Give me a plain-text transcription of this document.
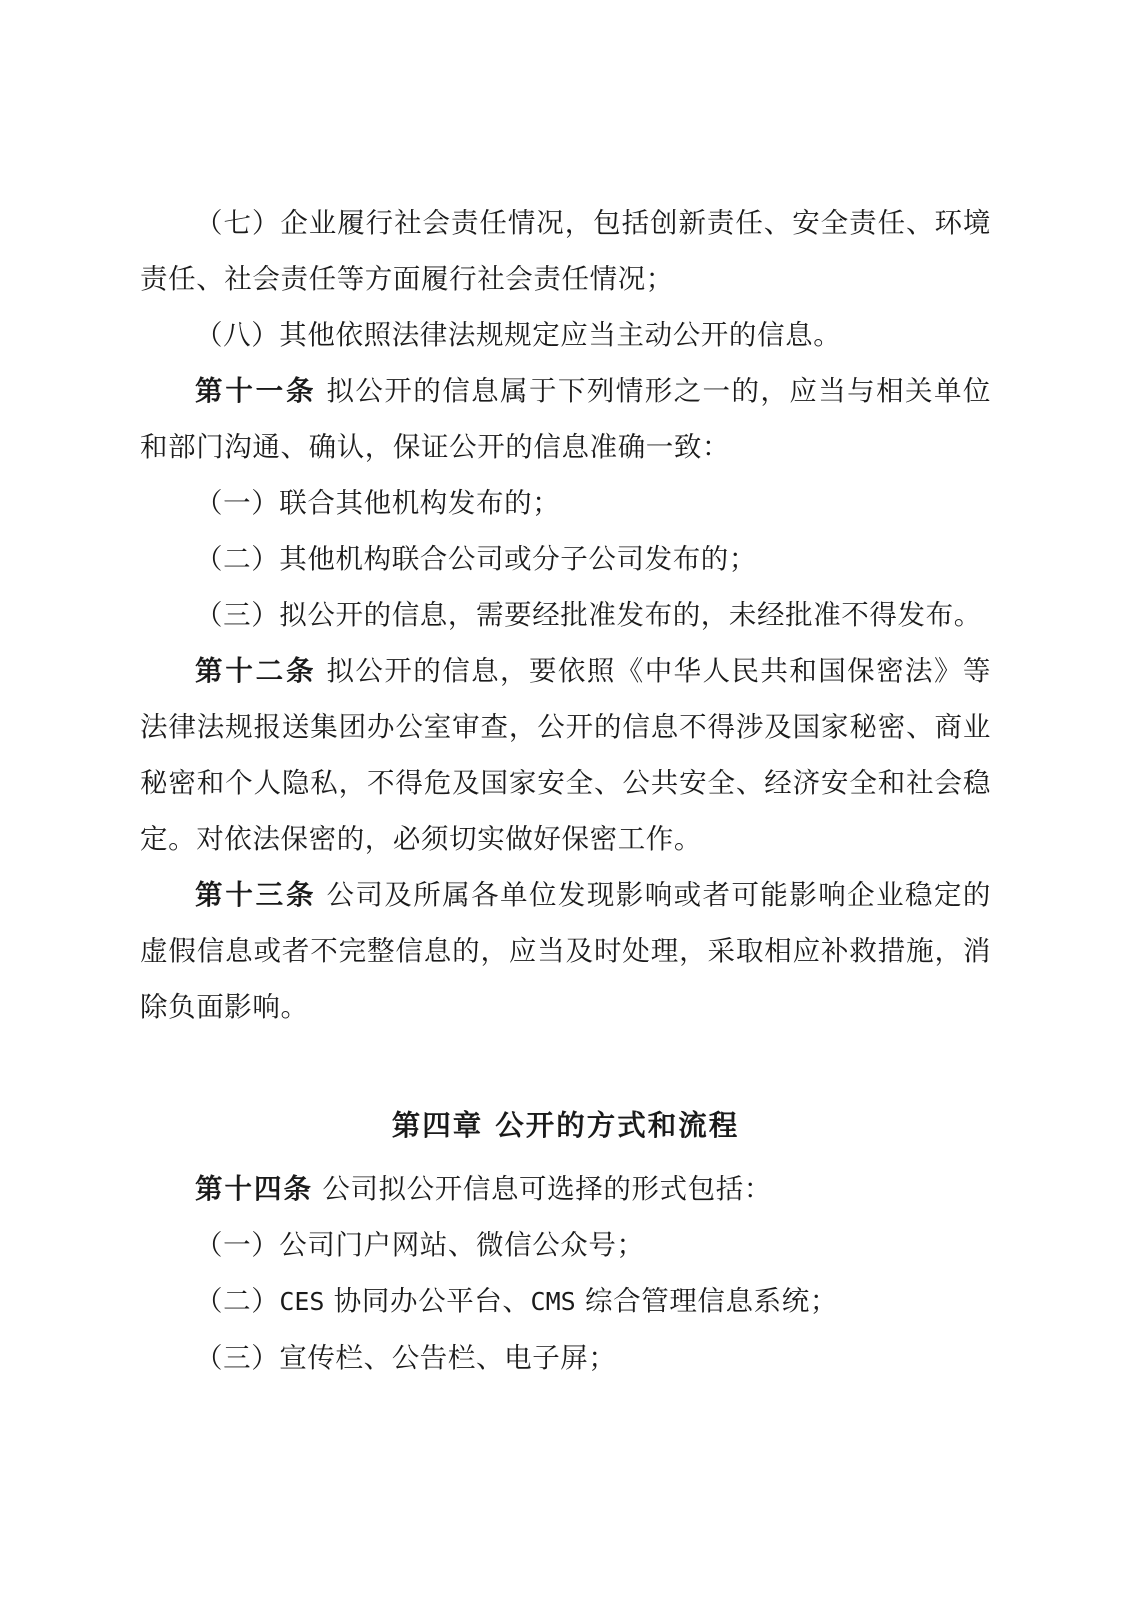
（七）企业履行社会责任情况，包括创新责任、安全责任、环境责任、社会责任等方面履行社会责任情况；

（八）其他依照法律法规规定应当主动公开的信息。

第十一条 拟公开的信息属于下列情形之一的，应当与相关单位和部门沟通、确认，保证公开的信息准确一致：

（一）联合其他机构发布的；

（二）其他机构联合公司或分子公司发布的；

（三）拟公开的信息，需要经批准发布的，未经批准不得发布。

第十二条 拟公开的信息，要依照《中华人民共和国保密法》等法律法规报送集团办公室审查，公开的信息不得涉及国家秘密、商业秘密和个人隐私，不得危及国家安全、公共安全、经济安全和社会稳定。对依法保密的，必须切实做好保密工作。

第十三条 公司及所属各单位发现影响或者可能影响企业稳定的虚假信息或者不完整信息的，应当及时处理，采取相应补救措施，消除负面影响。

第四章 公开的方式和流程

第十四条 公司拟公开信息可选择的形式包括：

（一）公司门户网站、微信公众号；

（二）CES 协同办公平台、CMS 综合管理信息系统；

（三）宣传栏、公告栏、电子屏；
